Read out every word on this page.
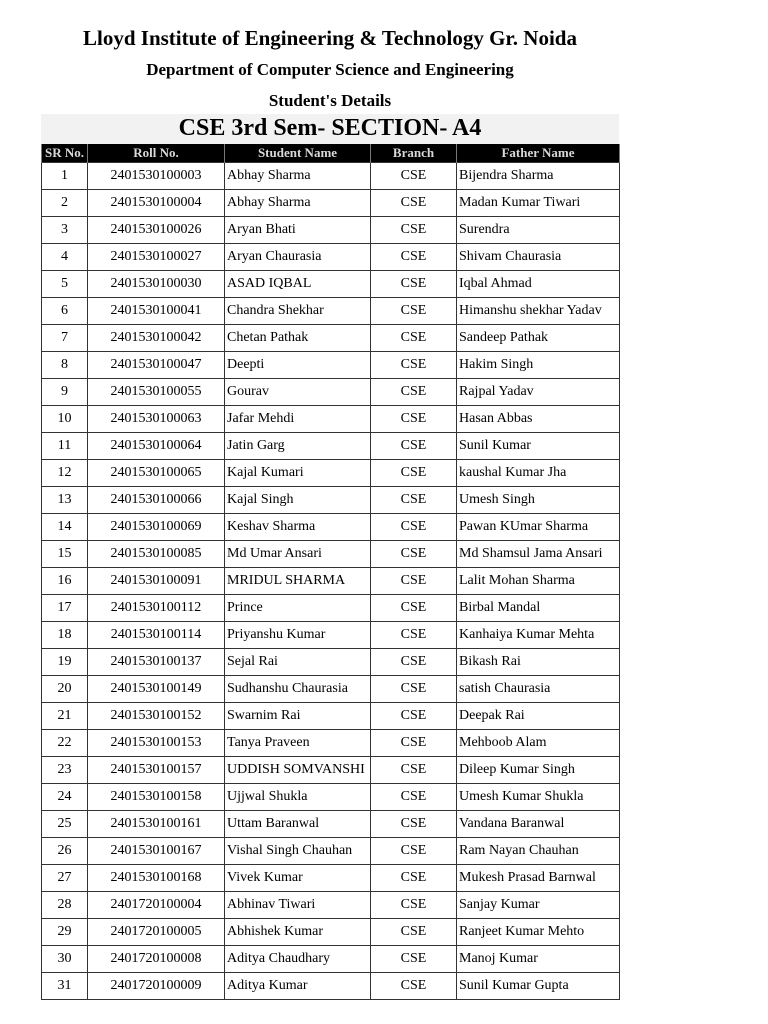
Lloyd Institute of Engineering & Technology Gr. Noida
Department of Computer Science and Engineering
Student's Details
CSE 3rd Sem- SECTION- A4
SR No.	Roll No.	Student Name	Branch	Father Name
1	2401530100003	Abhay Sharma	CSE	Bijendra Sharma
2	2401530100004	Abhay Sharma	CSE	Madan Kumar Tiwari
3	2401530100026	Aryan Bhati	CSE	Surendra
4	2401530100027	Aryan Chaurasia	CSE	Shivam Chaurasia
5	2401530100030	ASAD IQBAL	CSE	Iqbal Ahmad
6	2401530100041	Chandra Shekhar	CSE	Himanshu shekhar Yadav
7	2401530100042	Chetan Pathak	CSE	Sandeep Pathak
8	2401530100047	Deepti	CSE	Hakim Singh
9	2401530100055	Gourav	CSE	Rajpal Yadav
10	2401530100063	Jafar Mehdi	CSE	Hasan Abbas
11	2401530100064	Jatin Garg	CSE	Sunil Kumar
12	2401530100065	Kajal Kumari	CSE	kaushal Kumar Jha
13	2401530100066	Kajal Singh	CSE	Umesh Singh
14	2401530100069	Keshav Sharma	CSE	Pawan KUmar Sharma
15	2401530100085	Md Umar Ansari	CSE	Md Shamsul Jama Ansari
16	2401530100091	MRIDUL SHARMA	CSE	Lalit Mohan Sharma
17	2401530100112	Prince	CSE	Birbal Mandal
18	2401530100114	Priyanshu Kumar	CSE	Kanhaiya Kumar Mehta
19	2401530100137	Sejal Rai	CSE	Bikash Rai
20	2401530100149	Sudhanshu Chaurasia	CSE	satish Chaurasia
21	2401530100152	Swarnim Rai	CSE	Deepak Rai
22	2401530100153	Tanya Praveen	CSE	Mehboob Alam
23	2401530100157	UDDISH SOMVANSHI	CSE	Dileep Kumar Singh
24	2401530100158	Ujjwal Shukla	CSE	Umesh Kumar Shukla
25	2401530100161	Uttam Baranwal	CSE	Vandana Baranwal
26	2401530100167	Vishal Singh Chauhan	CSE	Ram Nayan Chauhan
27	2401530100168	Vivek Kumar	CSE	Mukesh Prasad Barnwal
28	2401720100004	Abhinav Tiwari	CSE	Sanjay Kumar
29	2401720100005	Abhishek Kumar	CSE	Ranjeet Kumar Mehto
30	2401720100008	Aditya Chaudhary	CSE	Manoj Kumar
31	2401720100009	Aditya Kumar	CSE	Sunil Kumar Gupta
